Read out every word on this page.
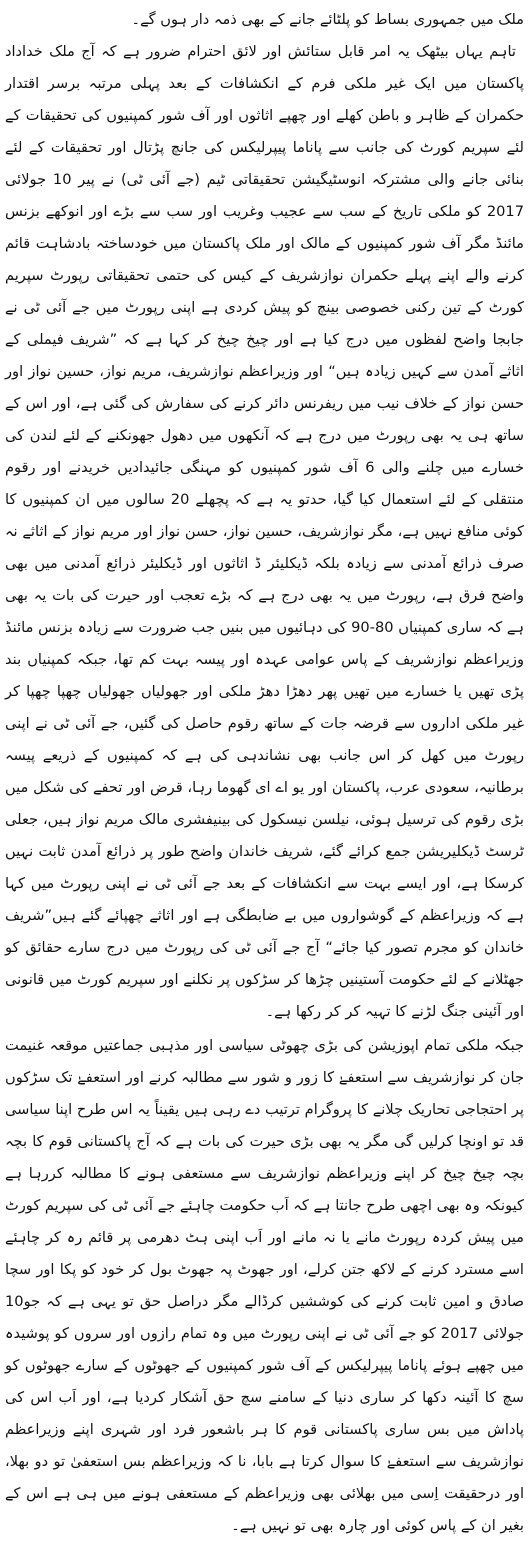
ملک میں جمہوری بساط کو پلٹائے جانے کے بھی ذمہ دار ہوں گے۔

تاہم یہاں بیٹھک یہ امر قابل ستائش اور لائق احترام ضرور ہے کہ آج ملک خداداد پاکستان میں ایک غیر ملکی فرم کے انکشافات کے بعد پہلی مرتبہ برسر اقتدار حکمران کے ظاہر و باطن کھلے اور چھپے اثاثوں اور آف شور کمپنیوں کی تحقیقات کے لئے سپریم کورٹ کی جانب سے پاناما پیپرلیکس کی جانچ پڑتال اور تحقیقات کے لئے بنائی جانے والی مشترکہ انوسٹیگیشن تحقیقاتی ٹیم (جے آئی ٹی) نے پیر 10 جولائی 2017 کو ملکی تاریخ کے سب سے عجیب وغریب اور سب سے بڑے اور انوکھے بزنس مائنڈ مگر آف شور کمپنیوں کے مالک اور ملک پاکستان میں خودساختہ بادشاہت قائم کرنے والے اپنے پہلے حکمران نوازشریف کے کیس کی حتمی تحقیقاتی رپورٹ سپریم کورٹ کے تین رکنی خصوصی بینچ کو پیش کردی ہے اپنی رپورٹ میں جے آئی ٹی نے جابجا واضح لفظوں میں درج کیا ہے اور چیخ چیخ کر کہا ہے کہ ”شریف فیملی کے اثاثے آمدن سے کہیں زیادہ ہیں“ اور وزیراعظم نوازشریف، مریم نواز، حسین نواز اور حسن نواز کے خلاف نیب میں ریفرنس دائر کرنے کی سفارش کی گئی ہے، اور اس کے ساتھ ہی یہ بھی رپورٹ میں درج ہے کہ آنکھوں میں دھول جھونکنے کے لئے لندن کی خسارے میں چلنے والی 6 آف شور کمپنیوں کو مہنگی جائیدادیں خریدنے اور رقوم منتقلی کے لئے استعمال کیا گیا، حدتو یہ ہے کہ پچھلے 20 سالوں میں ان کمپنیوں کا کوئی منافع نہیں ہے، مگر نوازشریف، حسین نواز، حسن نواز اور مریم نواز کے اثاثے نہ صرف ذرائع آمدنی سے زیادہ بلکہ ڈیکلیئر ڈ اثاثوں اور ڈیکلیئر ذرائع آمدنی میں بھی واضح فرق ہے، رپورٹ میں یہ بھی درج ہے کہ بڑے تعجب اور حیرت کی بات یہ بھی ہے کہ ساری کمپنیاں 80-90 کی دہائیوں میں بنیں جب ضرورت سے زیادہ بزنس مائنڈ وزیراعظم نوازشریف کے پاس عوامی عہدہ اور پیسہ بہت کم تھا، جبکہ کمپنیاں بند پڑی تھیں یا خسارے میں تھیں پھر دھڑا دھڑ ملکی اور جھولیاں جھولیاں چھپا چھپا کر غیر ملکی اداروں سے قرضہ جات کے ساتھ رقوم حاصل کی گئیں، جے آئی ٹی نے اپنی رپورٹ میں کھل کر اس جانب بھی نشاندہی کی ہے کہ کمپنیوں کے ذریعے پیسہ برطانیہ، سعودی عرب، پاکستان اور یو اے ای گھوما رہا، قرض اور تحفے کی شکل میں بڑی رقوم کی ترسیل ہوئی، نیلسن نیسکول کی بینیفشری مالک مریم نواز ہیں، جعلی ٹرسٹ ڈیکلیریشن جمع کرائے گئے، شریف خاندان واضح طور پر ذرائع آمدن ثابت نہیں کرسکا ہے، اور ایسے بہت سے انکشافات کے بعد جے آئی ٹی نے اپنی رپورٹ میں کہا ہے کہ وزیراعظم کے گوشواروں میں بے ضابطگی ہے اور اثاثے چھپائے گئے ہیں”شریف خاندان کو مجرم تصور کیا جائے“ آج جے آئی ٹی کی رپورٹ میں درج سارے حقائق کو جھٹلانے کے لئے حکومت آستینیں چڑھا کر سڑکوں پر نکلنے اور سپریم کورٹ میں قانونی اور آئینی جنگ لڑنے کا تہیہ کر کر رکھا ہے۔

جبکہ ملکی تمام اپوزیشن کی بڑی چھوٹی سیاسی اور مذہبی جماعتیں موقعہ غنیمت جان کر نوازشریف سے استعفےٰ کا زور و شور سے مطالبہ کرنے اور استعفےٰ تک سڑکوں پر احتجاجی تحاریک چلانے کا پروگرام ترتیب دے رہی ہیں یقیناً یہ اس طرح اپنا سیاسی قد تو اونچا کرلیں گی مگر یہ بھی بڑی حیرت کی بات ہے کہ آج پاکستانی قوم کا بچہ بچہ چیخ چیخ کر اپنے وزیراعظم نوازشریف سے مستعفی ہونے کا مطالبہ کررہا ہے کیونکہ وہ بھی اچھی طرح جانتا ہے کہ اَب حکومت چاہئے جے آئی ٹی کی سپریم کورٹ میں پیش کردہ رپورٹ مانے یا نہ مانے اور اَب اپنی ہٹ دھرمی پر قائم رہ کر چاہئے اسے مسترد کرنے کے لاکھ جتن کرلے، اور جھوٹ پہ جھوٹ بول کر خود کو پکا اور سچا صادق و امین ثابت کرنے کی کوششیں کرڈالے مگر دراصل حق تو یہی ہے کہ جو10 جولائی 2017 کو جے آئی ٹی نے اپنی رپورٹ میں وہ تمام رازوں اور سروں کو پوشیدہ میں چھپے ہوئے پاناما پیپرلیکس کے آف شور کمپنیوں کے جھوٹوں کے سارے جھوٹوں کو سچ کا آئینہ دکھا کر ساری دنیا کے سامنے سچ حق آشکار کردیا ہے، اور اَب اس کی پاداش میں بس ساری پاکستانی قوم کا ہر باشعور فرد اور شہری اپنے وزیراعظم نوازشریف سے استعفےٰ کا سوال کرتا ہے بابا، نا کہ وزیراعظم بس استعفیٰ تو دو بھلا، اور درحقیقت اِسی میں بھلائی بھی وزیراعظم کے مستعفی ہونے میں ہی ہے اس کے بغیر ان کے پاس کوئی اور چارہ بھی تو نہیں ہے۔
